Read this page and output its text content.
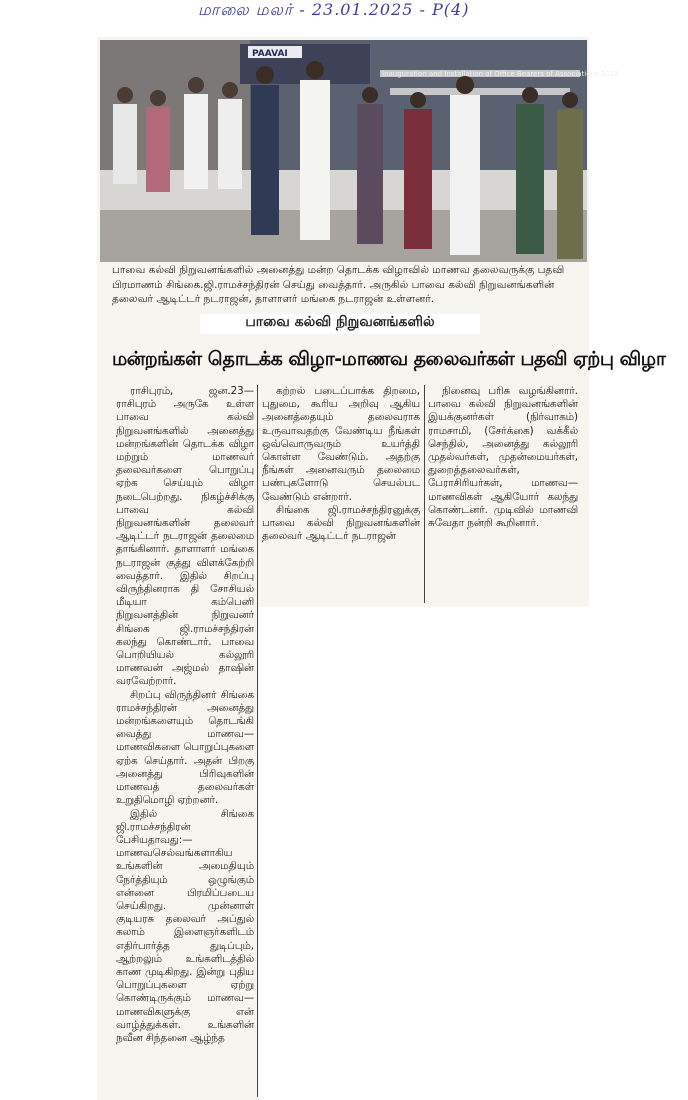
மாலை மலர் - 23.01.2025 - P(4)
PAAVAI
Inauguration and Installation of Office Bearers of Associations 2025
பாவை கல்வி நிறுவனங்களில் அனைத்து மன்ற தொடக்க விழாவில் மாணவ தலைவருக்கு பதவி பிரமாணம் சிங்கை.ஜி.ராமச்சந்திரன் செய்து வைத்தார். அருகில் பாவை கல்வி நிறுவனங்களின் தலைவர் ஆடிட்டர் நடராஜன், தாளாளர் மங்கை நடராஜன் உள்ளனர்.
பாவை கல்வி நிறுவனங்களில்
மன்றங்கள் தொடக்க விழா-மாணவ தலைவர்கள் பதவி ஏற்பு விழா

ராசிபுரம், ஜன.23— ராசிபுரம் அருகே உள்ள பாவை கல்வி நிறுவனங்களில் அனைத்து மன்றங்களின் தொடக்க விழா மற்றும் மாணவர் தலைவர்களை பொறுப்பு ஏற்க செய்யும் விழா நடைபெற்றது. நிகழ்ச்சிக்கு பாவை கல்வி நிறுவனங்களின் தலைவர் ஆடிட்டர் நடராஜன் தலைமை தாங்கினார். தாளாளர் மங்கை நடராஜன் குத்து விளக்கேற்றி வைத்தார். இதில் சிறப்பு விருந்தினராக தி சோசியல் மீடியா கம்பெனி நிறுவனத்தின் நிறுவனர் சிங்கை ஜி.ராமச்சந்திரன் கலந்து கொண்டார். பாவை பொறியியல் கல்லூரி மாணவன் அஜ்மல் தாஷின் வரவேற்றார்.

சிறப்பு விருந்தினர் சிங்கை ராமச்சந்திரன் அனைத்து மன்றங்களையும் தொடங்கி வைத்து மாணவ—மாணவிகளை பொறுப்புகளை ஏற்க செய்தார். அதன் பிறகு அனைத்து பிரிவுகளின் மாணவத் தலைவர்கள் உறுதிமொழி ஏற்றனர்.

இதில் சிங்கை ஜி.ராமச்சந்திரன் பேசியதாவது:— மாணவசெல்வங்களாகிய உங்களின் அமைதியும் நேர்த்தியும் ஒழுங்கும் என்னை பிரமிப்படைய செய்கிறது. முன்னாள் குடியரசு தலைவர் அப்துல் கலாம் இளைஞர்களிடம் எதிர்பார்த்த துடிப்பும், ஆற்றலும் உங்களிடத்தில் காண முடிகிறது. இன்று புதிய பொறுப்புகளை ஏற்று கொண்டிருக்கும் மாணவ—மாணவிகளுக்கு என் வாழ்த்துக்கள். உங்களின் நவீன சிந்தனை ஆழ்ந்த

கற்றல் படைப்பாக்க திறமை, புதுமை, கூரிய அறிவு ஆகிய அனைத்தையும் தலைவராக உருவாவதற்கு வேண்டிய நீங்கள் ஒவ்வொருவரும் உயர்த்தி கொள்ள வேண்டும். அதற்கு நீங்கள் அனைவரும் தலைமை பண்புகளோடு செயல்பட வேண்டும் என்றார்.

சிங்கை ஜி.ராமச்சந்திரனுக்கு பாவை கல்வி நிறுவனங்களின் தலைவர் ஆடிட்டர் நடராஜன்

நினைவு பரிசு வழங்கினார். பாவை கல்வி நிறுவனங்களின் இயக்குனர்கள் (நிர்வாகம்) ராமசாமி, (சேர்க்கை) வக்கீல் செந்தில், அனைத்து கல்லூரி முதல்வர்கள், முதன்மையர்கள், துறைத்தலைவர்கள், பேராசிரியர்கள், மாணவ—மாணவிகள் ஆகியோர் கலந்து கொண்டனர். முடிவில் மாணவி சுவேதா நன்றி கூறினார்.
